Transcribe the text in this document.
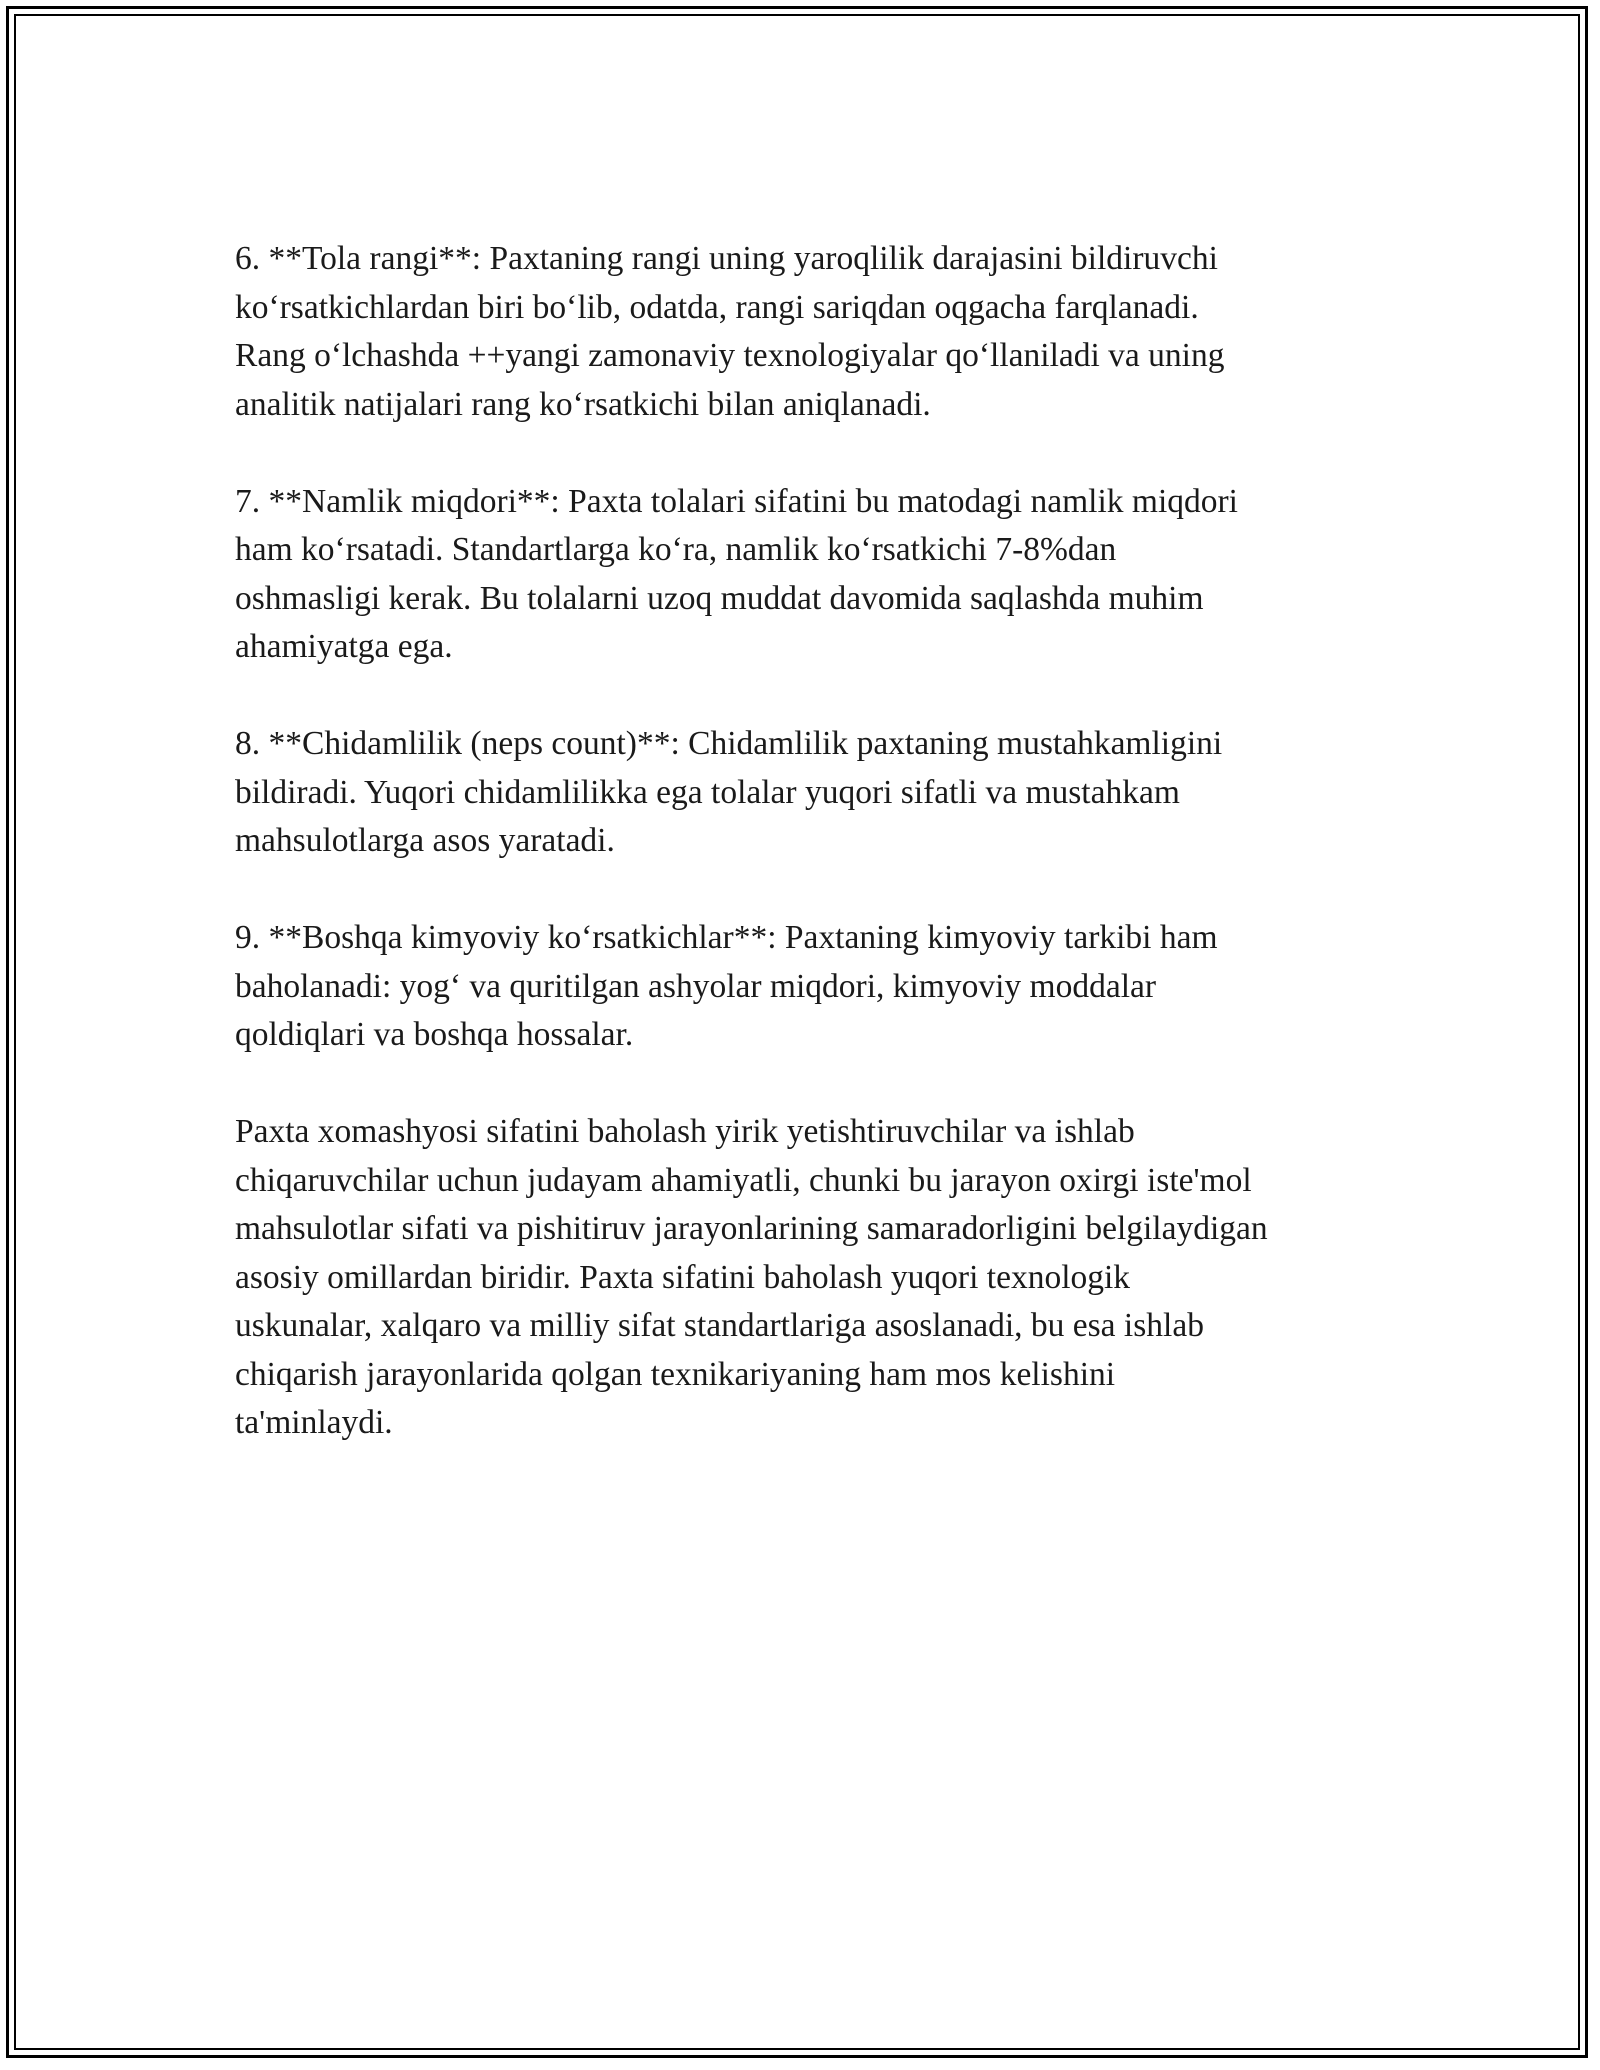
6. **Tola rangi**: Paxtaning rangi uning yaroqlilik darajasini bildiruvchi
ko‘rsatkichlardan biri bo‘lib, odatda, rangi sariqdan oqgacha farqlanadi.
Rang o‘lchashda ++yangi zamonaviy texnologiyalar qo‘llaniladi va uning
analitik natijalari rang ko‘rsatkichi bilan aniqlanadi.

7. **Namlik miqdori**: Paxta tolalari sifatini bu matodagi namlik miqdori
ham ko‘rsatadi. Standartlarga ko‘ra, namlik ko‘rsatkichi 7-8%dan
oshmasligi kerak. Bu tolalarni uzoq muddat davomida saqlashda muhim
ahamiyatga ega.

8. **Chidamlilik (neps count)**: Chidamlilik paxtaning mustahkamligini
bildiradi. Yuqori chidamlilikka ega tolalar yuqori sifatli va mustahkam
mahsulotlarga asos yaratadi.

9. **Boshqa kimyoviy ko‘rsatkichlar**: Paxtaning kimyoviy tarkibi ham
baholanadi: yog‘ va quritilgan ashyolar miqdori, kimyoviy moddalar
qoldiqlari va boshqa hossalar.

Paxta xomashyosi sifatini baholash yirik yetishtiruvchilar va ishlab
chiqaruvchilar uchun judayam ahamiyatli, chunki bu jarayon oxirgi iste'mol
mahsulotlar sifati va pishitiruv jarayonlarining samaradorligini belgilaydigan
asosiy omillardan biridir. Paxta sifatini baholash yuqori texnologik
uskunalar, xalqaro va milliy sifat standartlariga asoslanadi, bu esa ishlab
chiqarish jarayonlarida qolgan texnikariyaning ham mos kelishini
ta'minlaydi.
